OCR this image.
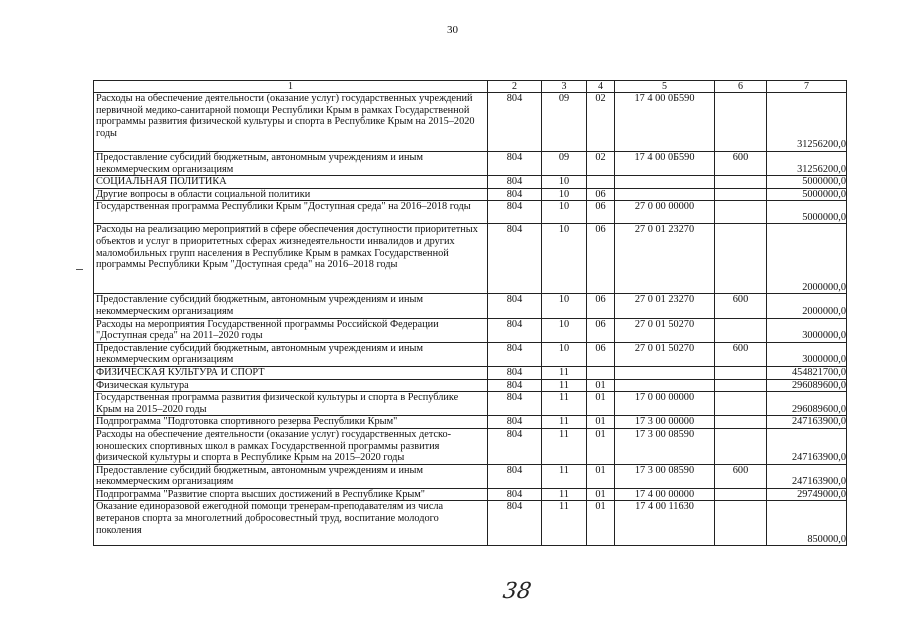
30
1	2	3	4	5	6	7
Расходы на обеспечение деятельности (оказание услуг) государственных учреждений первичной медико-санитарной помощи Республики Крым в рамках Государственной программы развития физической культуры и спорта в Республике Крым на 2015–2020 годы	804	09	02	17 4 00 0Б590		31256200,0
Предоставление субсидий бюджетным, автономным учреждениям и иным некоммерческим организациям	804	09	02	17 4 00 0Б590	600	31256200,0
СОЦИАЛЬНАЯ ПОЛИТИКА	804	10				5000000,0
Другие вопросы в области социальной политики	804	10	06			5000000,0
Государственная программа Республики Крым "Доступная среда" на 2016–2018 годы	804	10	06	27 0 00 00000		5000000,0
Расходы на реализацию мероприятий в сфере обеспечения доступности приоритетных объектов и услуг в приоритетных сферах жизнедеятельности инвалидов и других маломобильных групп населения в Республике Крым в рамках Государственной программы Республики Крым "Доступная среда" на 2016–2018 годы	804	10	06	27 0 01 23270		2000000,0
Предоставление субсидий бюджетным, автономным учреждениям и иным некоммерческим организациям	804	10	06	27 0 01 23270	600	2000000,0
Расходы на мероприятия Государственной программы Российской Федерации "Доступная среда" на 2011–2020 годы	804	10	06	27 0 01 50270		3000000,0
Предоставление субсидий бюджетным, автономным учреждениям и иным некоммерческим организациям	804	10	06	27 0 01 50270	600	3000000,0
ФИЗИЧЕСКАЯ КУЛЬТУРА И СПОРТ	804	11				454821700,0
Физическая культура	804	11	01			296089600,0
Государственная программа развития физической культуры и спорта в Республике Крым на 2015–2020 годы	804	11	01	17 0 00 00000		296089600,0
Подпрограмма "Подготовка спортивного резерва Республики Крым"	804	11	01	17 3 00 00000		247163900,0
Расходы на обеспечение деятельности (оказание услуг) государственных детско-юношеских спортивных школ в рамках Государственной программы развития физической культуры и спорта в Республике Крым на 2015–2020 годы	804	11	01	17 3 00 08590		247163900,0
Предоставление субсидий бюджетным, автономным учреждениям и иным некоммерческим организациям	804	11	01	17 3 00 08590	600	247163900,0
Подпрограмма "Развитие спорта высших достижений в Республике Крым"	804	11	01	17 4 00 00000		29749000,0
Оказание единоразовой ежегодной помощи тренерам-преподавателям из числа ветеранов спорта за многолетний добросовестный труд, воспитание молодого поколения	804	11	01	17 4 00 11630		850000,0
38
